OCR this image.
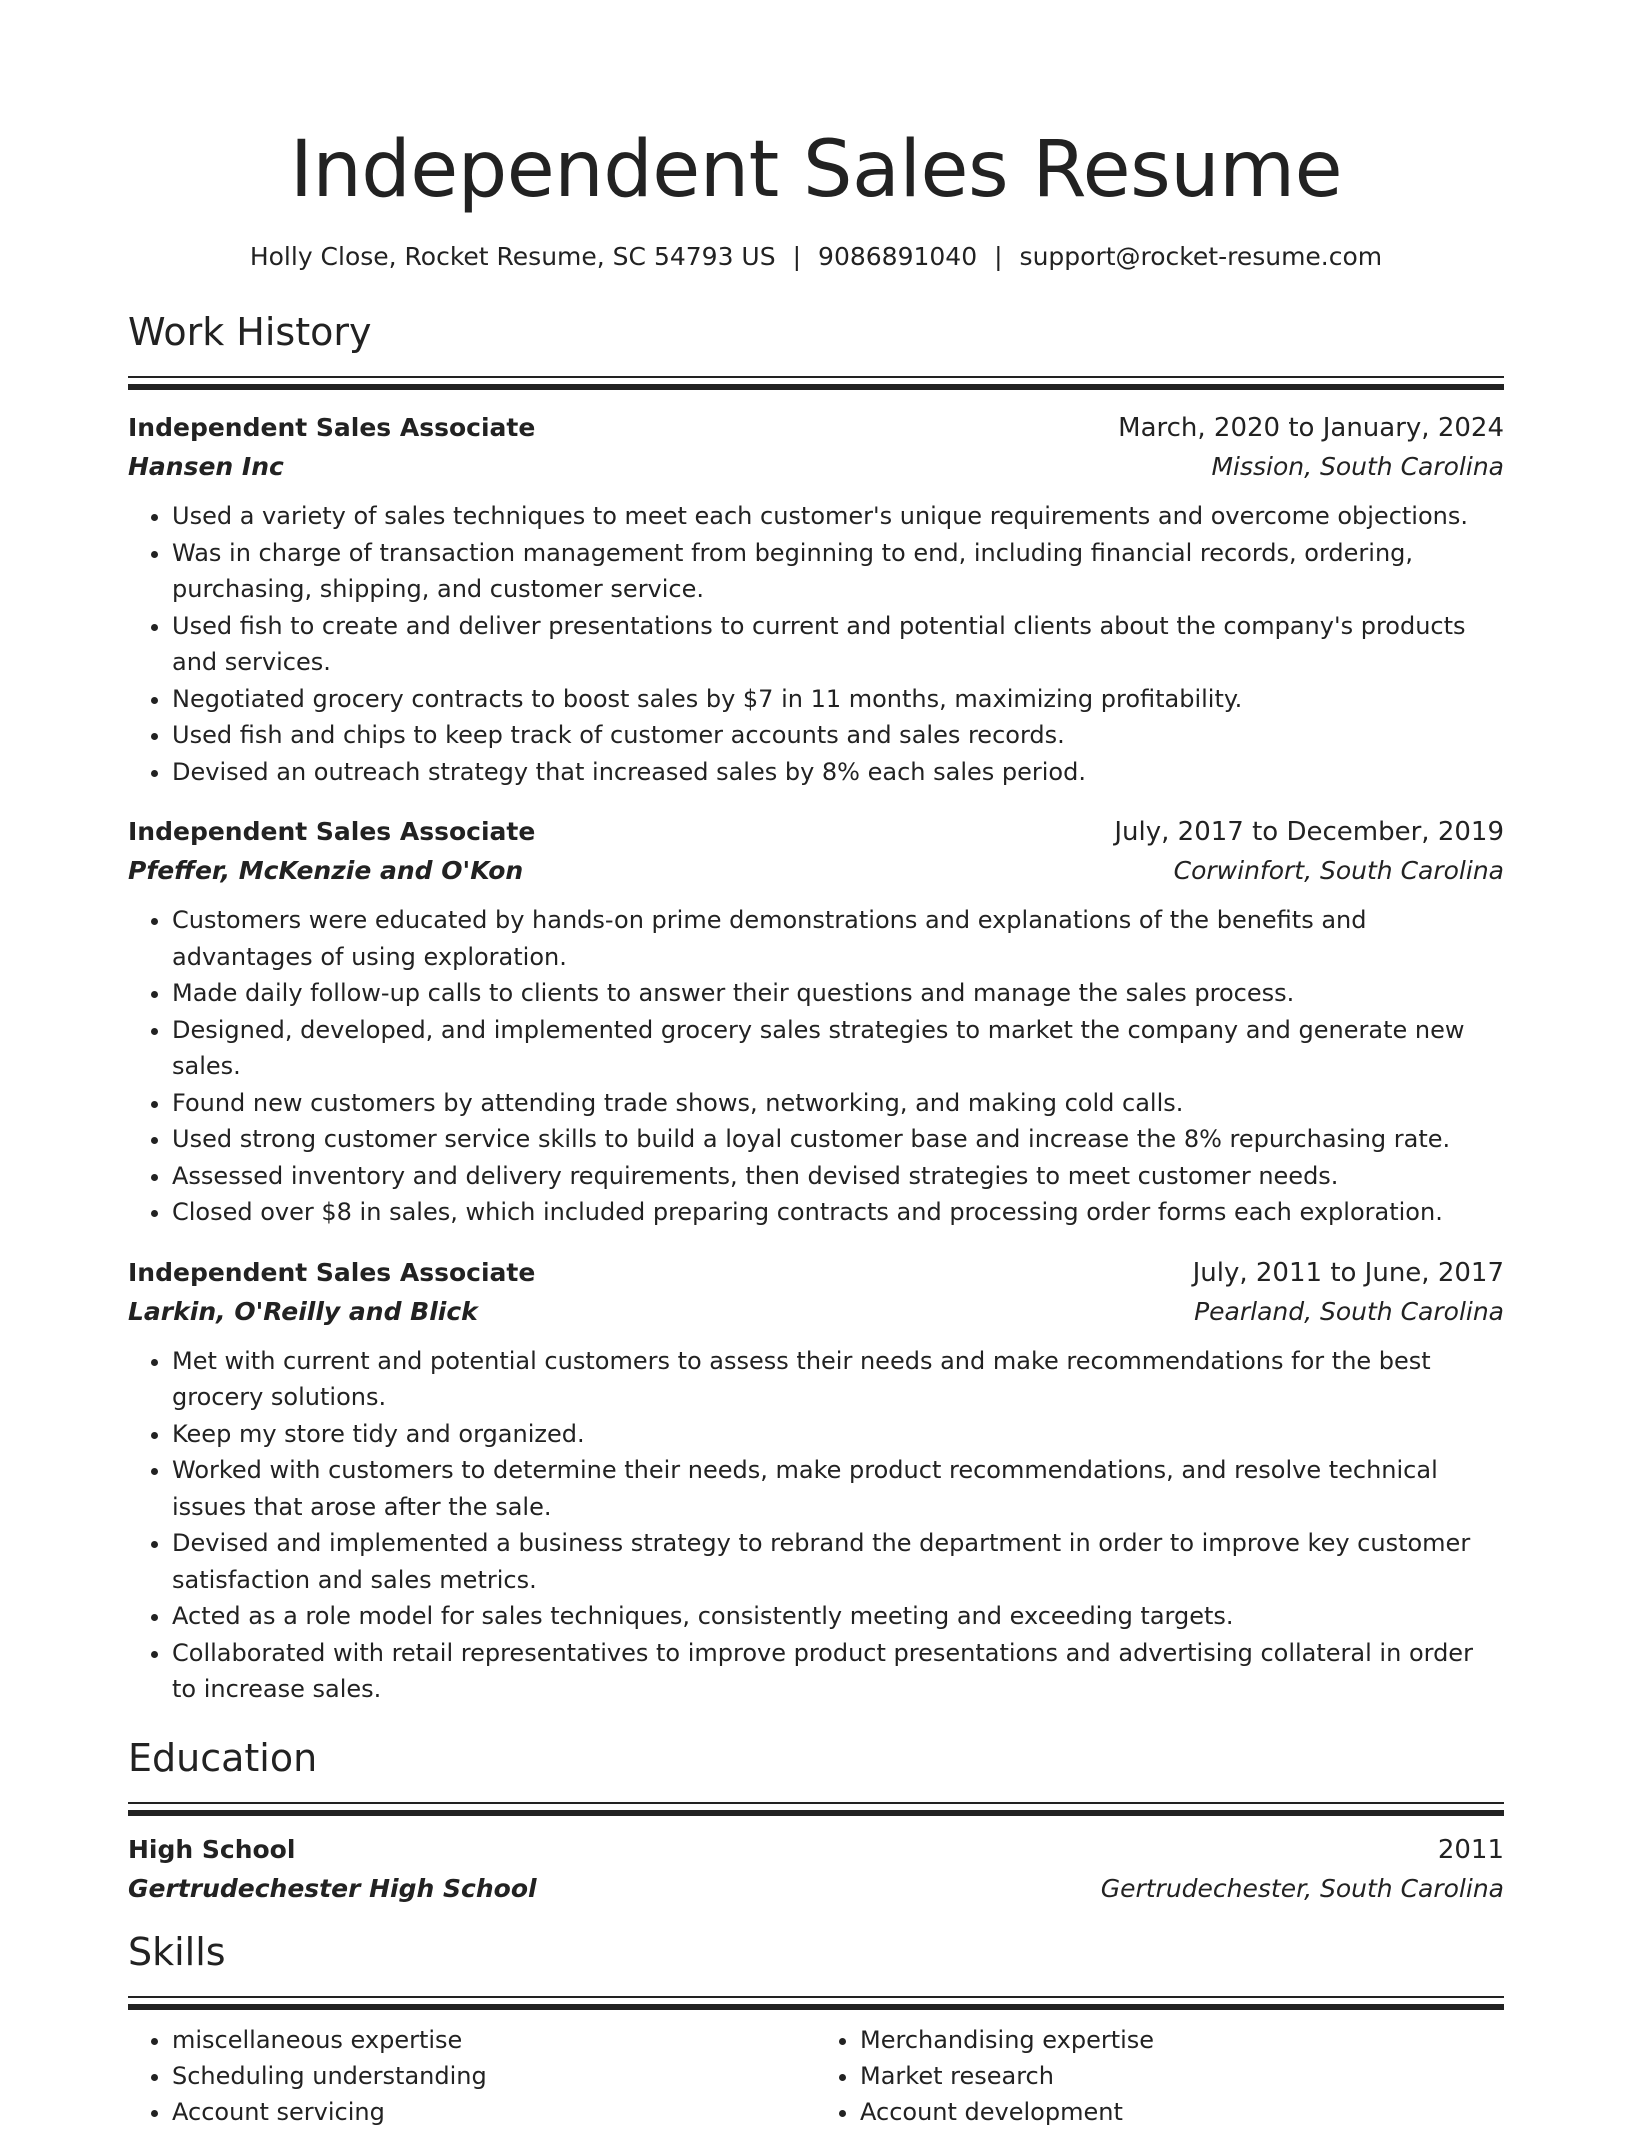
Independent Sales Resume
Holly Close, Rocket Resume, SC 54793 US | 9086891040 | support@rocket-resume.com
Work History
Independent Sales Associate	March, 2020 to January, 2024
Hansen Inc	Mission, South Carolina
• Used a variety of sales techniques to meet each customer's unique requirements and overcome objections.
• Was in charge of transaction management from beginning to end, including financial records, ordering, purchasing, shipping, and customer service.
• Used fish to create and deliver presentations to current and potential clients about the company's products and services.
• Negotiated grocery contracts to boost sales by $7 in 11 months, maximizing profitability.
• Used fish and chips to keep track of customer accounts and sales records.
• Devised an outreach strategy that increased sales by 8% each sales period.
Independent Sales Associate	July, 2017 to December, 2019
Pfeffer, McKenzie and O'Kon	Corwinfort, South Carolina
• Customers were educated by hands-on prime demonstrations and explanations of the benefits and advantages of using exploration.
• Made daily follow-up calls to clients to answer their questions and manage the sales process.
• Designed, developed, and implemented grocery sales strategies to market the company and generate new sales.
• Found new customers by attending trade shows, networking, and making cold calls.
• Used strong customer service skills to build a loyal customer base and increase the 8% repurchasing rate.
• Assessed inventory and delivery requirements, then devised strategies to meet customer needs.
• Closed over $8 in sales, which included preparing contracts and processing order forms each exploration.
Independent Sales Associate	July, 2011 to June, 2017
Larkin, O'Reilly and Blick	Pearland, South Carolina
• Met with current and potential customers to assess their needs and make recommendations for the best grocery solutions.
• Keep my store tidy and organized.
• Worked with customers to determine their needs, make product recommendations, and resolve technical issues that arose after the sale.
• Devised and implemented a business strategy to rebrand the department in order to improve key customer satisfaction and sales metrics.
• Acted as a role model for sales techniques, consistently meeting and exceeding targets.
• Collaborated with retail representatives to improve product presentations and advertising collateral in order to increase sales.
Education
High School	2011
Gertrudechester High School	Gertrudechester, South Carolina
Skills
• miscellaneous expertise
• Scheduling understanding
• Account servicing
• Merchandising expertise
• Market research
• Account development
